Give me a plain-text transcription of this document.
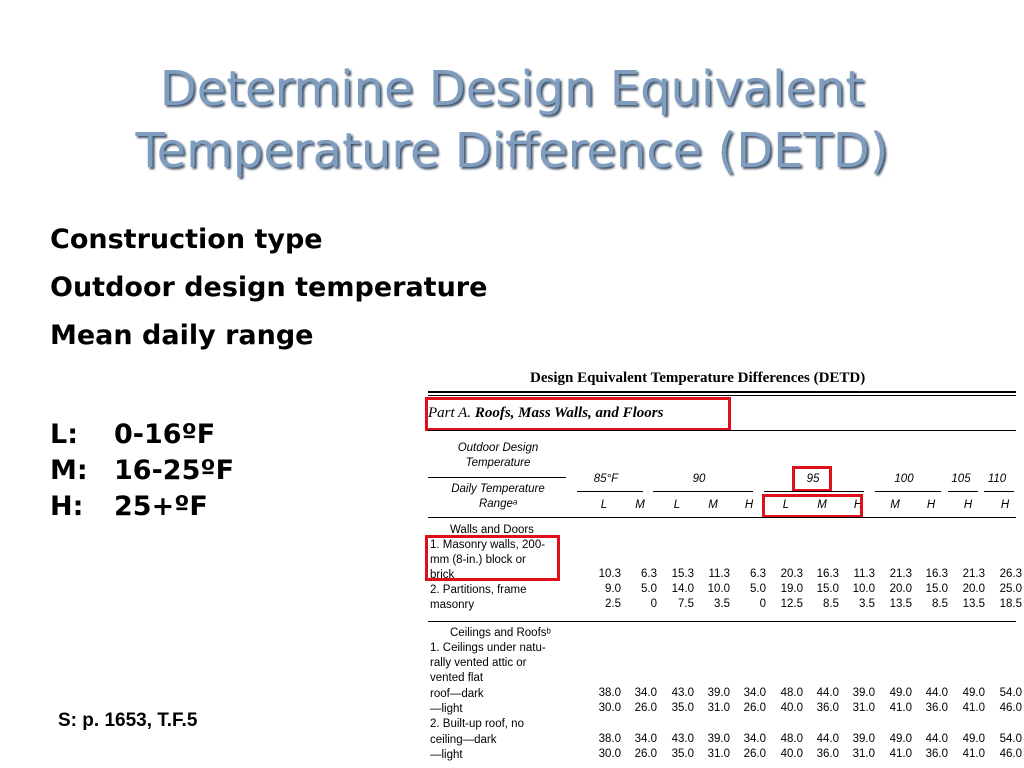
Determine Design Equivalent
Temperature Difference (DETD)
Construction type
Outdoor design temperature
Mean daily range
L: 0-16ºF
M: 16-25ºF
H: 25+ºF
S: p. 1653, T.F.5
Design Equivalent Temperature Differences (DETD)
Part A. Roofs, Mass Walls, and Floors
Outdoor Design
Temperature
Daily Temperature
Rangeᵃ
85°F	90	95	100	105	110
L	M	L	M	H	L	M	H	M	H	H	H
Walls and Doors
1. Masonry walls, 200-
mm (8-in.) block or
brick	10.3	6.3	15.3	11.3	6.3	20.3	16.3	11.3	21.3	16.3	21.3	26.3
2. Partitions, frame	9.0	5.0	14.0	10.0	5.0	19.0	15.0	10.0	20.0	15.0	20.0	25.0
masonry	2.5	0	7.5	3.5	0	12.5	8.5	3.5	13.5	8.5	13.5	18.5
Ceilings and Roofsᵇ
1. Ceilings under natu-
rally vented attic or
vented flat
roof—dark	38.0	34.0	43.0	39.0	34.0	48.0	44.0	39.0	49.0	44.0	49.0	54.0
—light	30.0	26.0	35.0	31.0	26.0	40.0	36.0	31.0	41.0	36.0	41.0	46.0
2. Built-up roof, no
ceiling—dark	38.0	34.0	43.0	39.0	34.0	48.0	44.0	39.0	49.0	44.0	49.0	54.0
—light	30.0	26.0	35.0	31.0	26.0	40.0	36.0	31.0	41.0	36.0	41.0	46.0
